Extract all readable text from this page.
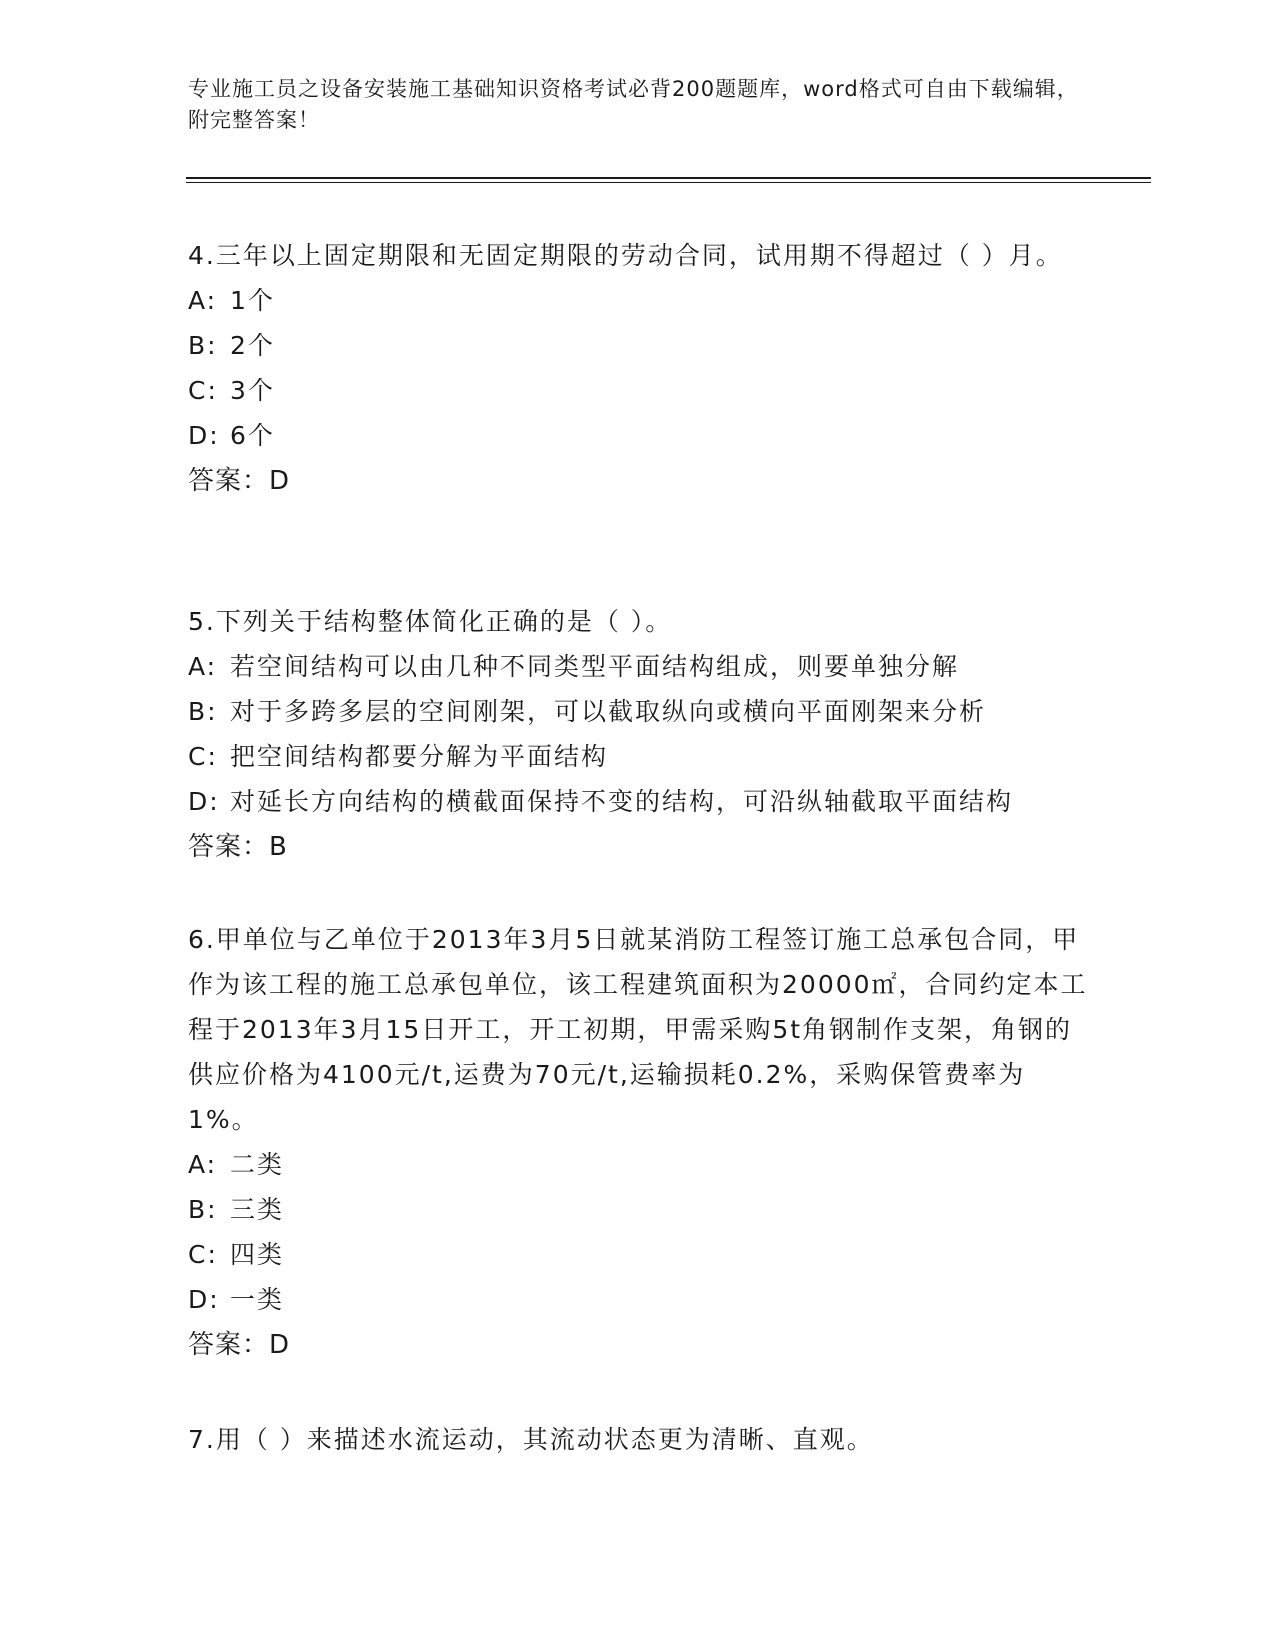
专业施工员之设备安装施工基础知识资格考试必背200题题库，word格式可自由下载编辑，附完整答案！
4.三年以上固定期限和无固定期限的劳动合同，试用期不得超过（ ）月。
A: 1个
B: 2个
C: 3个
D: 6个
答案：D
5.下列关于结构整体简化正确的是（ ）。
A: 若空间结构可以由几种不同类型平面结构组成，则要单独分解
B: 对于多跨多层的空间刚架，可以截取纵向或横向平面刚架来分析
C: 把空间结构都要分解为平面结构
D: 对延长方向结构的横截面保持不变的结构，可沿纵轴截取平面结构
答案：B
6.甲单位与乙单位于2013年3月5日就某消防工程签订施工总承包合同，甲作为该工程的施工总承包单位，该工程建筑面积为20000㎡，合同约定本工程于2013年3月15日开工，开工初期，甲需采购5t角钢制作支架，角钢的供应价格为4100元/t,运费为70元/t,运输损耗0.2%，采购保管费率为1%。
A: 二类
B: 三类
C: 四类
D: 一类
答案：D
7.用（ ）来描述水流运动，其流动状态更为清晰、直观。
